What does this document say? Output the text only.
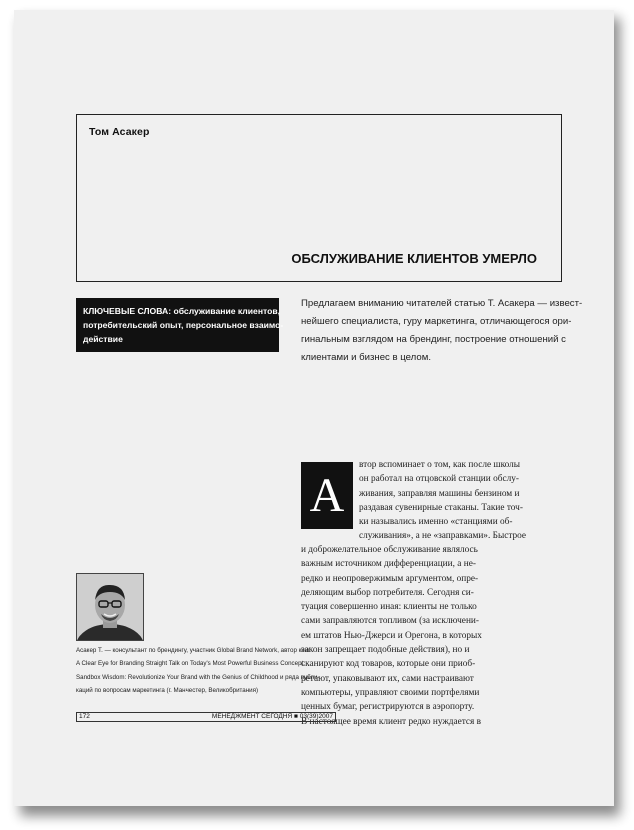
Том Асакер
ОБСЛУЖИВАНИЕ КЛИЕНТОВ УМЕРЛО

КЛЮЧЕВЫЕ СЛОВА: обслуживание клиентов,

потребительский опыт, персональное взаимо-

действие

Предлагаем вниманию читателей статью Т. Асакера — извест-

нейшего специалиста, гуру маркетинга, отличающегося ори-

гинальным взглядом на брендинг, построение отношений с

клиентами и бизнес в целом.

А

втор вспоминает о том, как после школы

он работал на отцовской станции обслу-

живания, заправляя машины бензином и

раздавая сувенирные стаканы. Такие точ-

ки назывались именно «станциями об-

служивания», а не «заправками». Быстрое

и доброжелательное обслуживание являлось

важным источником дифференциации, а не-

редко и неопровержимым аргументом, опре-

деляющим выбор потребителя. Сегодня си-

туация совершенно иная: клиенты не только

сами заправляются топливом (за исключени-

ем штатов Нью-Джерси и Орегона, в которых

закон запрещает подобные действия), но и

сканируют код товаров, которые они приоб-

ретают, упаковывают их, сами настраивают

компьютеры, управляют своими портфелями

ценных бумаг, регистрируются в аэропорту.

В настоящее время клиент редко нуждается в

Асакер Т. — консультант по брендингу, участник Global Brand Network, автор книг

A Clear Eye for Branding Straight Talk on Today's Most Powerful Business Concept,

Sandbox Wisdom: Revolutionize Your Brand with the Genius of Childhood и ряда публи-

каций по вопросам маркетинга (г. Манчестер, Великобритания)

172	МЕНЕДЖМЕНТ СЕГОДНЯ ■ 03(39)2007
